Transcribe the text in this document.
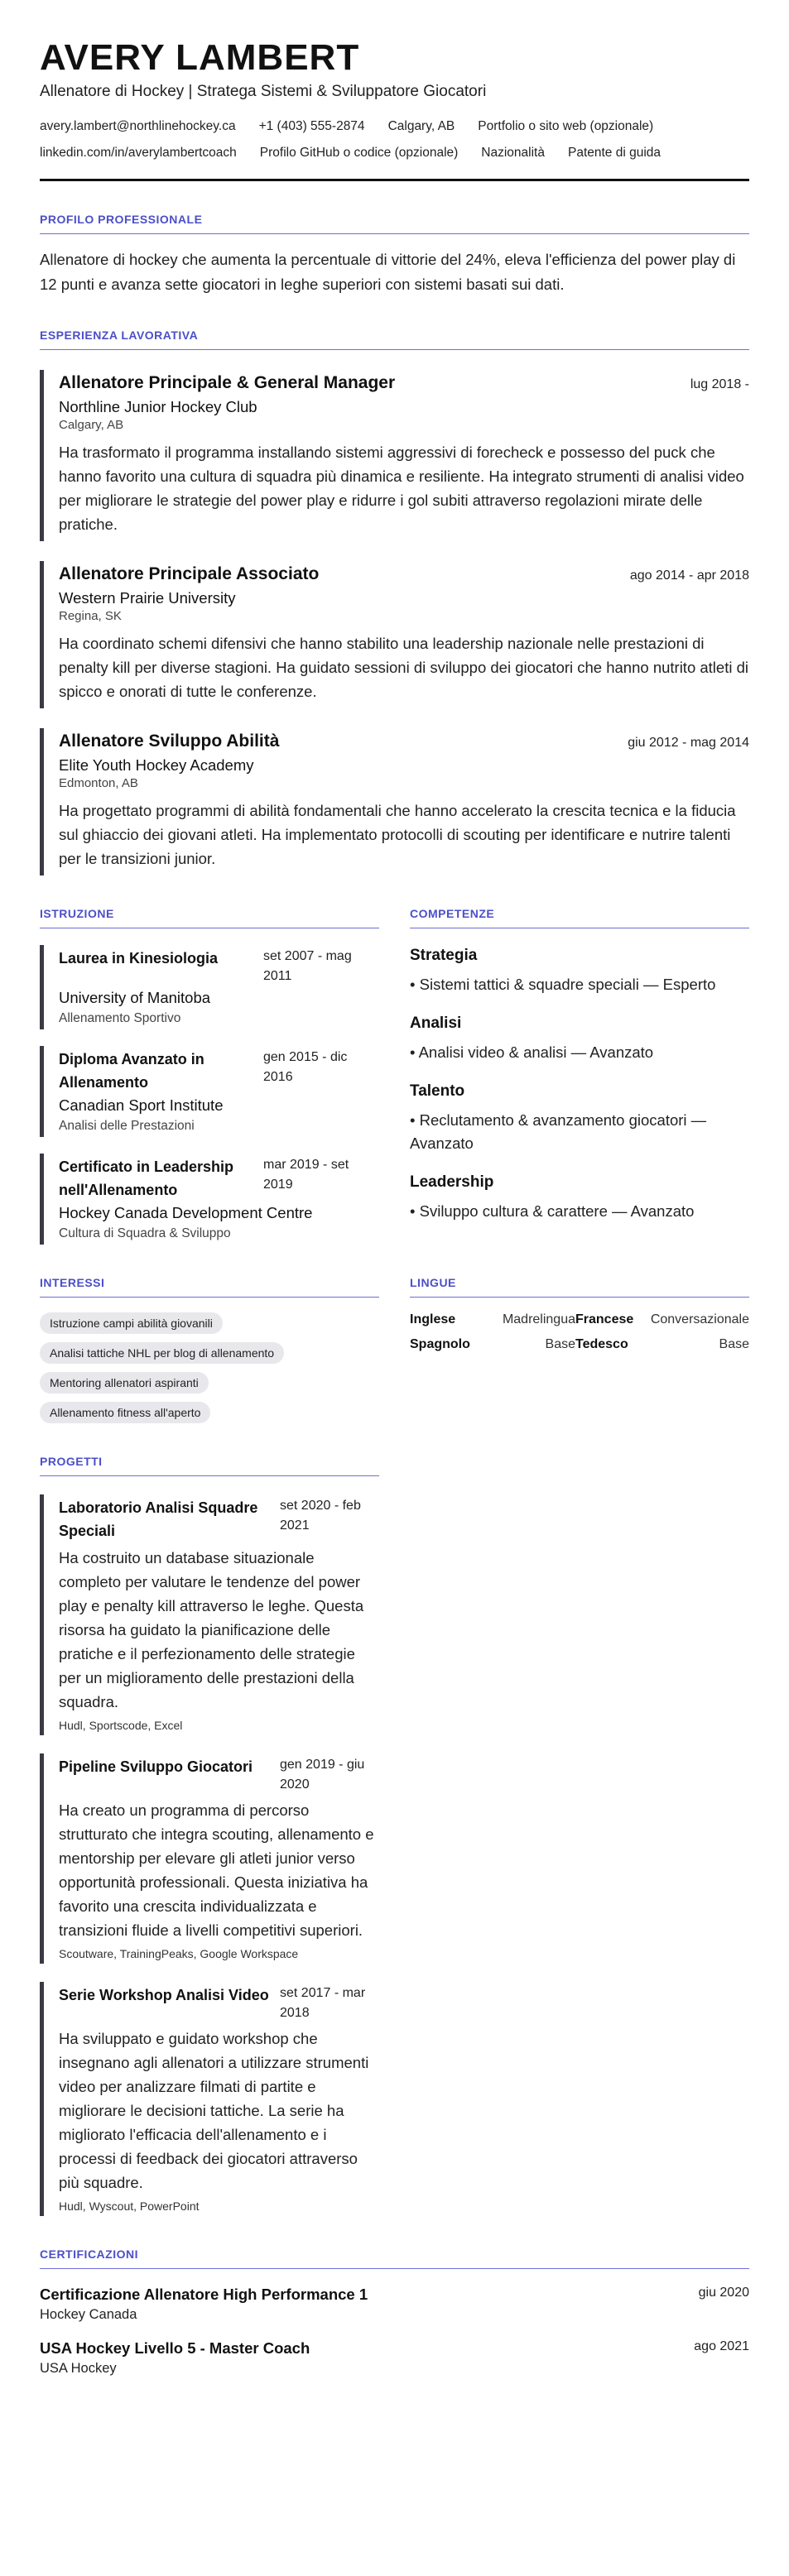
AVERY LAMBERT
Allenatore di Hockey | Stratega Sistemi & Sviluppatore Giocatori
avery.lambert@northlinehockey.ca +1 (403) 555-2874 Calgary, AB Portfolio o sito web (opzionale)
linkedin.com/in/averylambertcoach Profilo GitHub o codice (opzionale) Nazionalità Patente di guida
PROFILO PROFESSIONALE

Allenatore di hockey che aumenta la percentuale di vittorie del 24%, eleva l'efficienza del power play di 12 punti e avanza sette giocatori in leghe superiori con sistemi basati sui dati.

ESPERIENZA LAVORATIVA
Allenatore Principale & General Manager	lug 2018 -
Northline Junior Hockey Club
Calgary, AB
Ha trasformato il programma installando sistemi aggressivi di forecheck e possesso del puck che hanno favorito una cultura di squadra più dinamica e resiliente. Ha integrato strumenti di analisi video per migliorare le strategie del power play e ridurre i gol subiti attraverso regolazioni mirate delle pratiche.
Allenatore Principale Associato	ago 2014 - apr 2018
Western Prairie University
Regina, SK
Ha coordinato schemi difensivi che hanno stabilito una leadership nazionale nelle prestazioni di penalty kill per diverse stagioni. Ha guidato sessioni di sviluppo dei giocatori che hanno nutrito atleti di spicco e onorati di tutte le conferenze.
Allenatore Sviluppo Abilità	giu 2012 - mag 2014
Elite Youth Hockey Academy
Edmonton, AB
Ha progettato programmi di abilità fondamentali che hanno accelerato la crescita tecnica e la fiducia sul ghiaccio dei giovani atleti. Ha implementato protocolli di scouting per identificare e nutrire talenti per le transizioni junior.
ISTRUZIONE
Laurea in Kinesiologia	set 2007 - mag 2011
University of Manitoba
Allenamento Sportivo
Diploma Avanzato in Allenamento
gen 2015 - dic 2016
Canadian Sport Institute
Analisi delle Prestazioni
Certificato in Leadership nell'Allenamento
mar 2019 - set 2019
Hockey Canada Development Centre
Cultura di Squadra & Sviluppo
COMPETENZE
Strategia
• Sistemi tattici & squadre speciali — Esperto
Analisi
• Analisi video & analisi — Avanzato
Talento
• Reclutamento & avanzamento giocatori — Avanzato
Leadership
• Sviluppo cultura & carattere — Avanzato
INTERESSI
Istruzione campi abilità giovanili
Analisi tattiche NHL per blog di allenamento
Mentoring allenatori aspiranti
Allenamento fitness all'aperto
LINGUE
Inglese	Madrelingua Francese Conversazionale
Spagnolo	Base Tedesco	Base
PROGETTI
Laboratorio Analisi Squadre Speciali
set 2020 - feb 2021
Ha costruito un database situazionale completo per valutare le tendenze del power play e penalty kill attraverso le leghe. Questa risorsa ha guidato la pianificazione delle pratiche e il perfezionamento delle strategie per un miglioramento delle prestazioni della squadra.
Hudl, Sportscode, Excel
Pipeline Sviluppo Giocatori	gen 2019 - giu 2020
Ha creato un programma di percorso strutturato che integra scouting, allenamento e mentorship per elevare gli atleti junior verso opportunità professionali. Questa iniziativa ha favorito una crescita individualizzata e transizioni fluide a livelli competitivi superiori.
Scoutware, TrainingPeaks, Google Workspace
Serie Workshop Analisi Video set 2017 - mar 2018
Ha sviluppato e guidato workshop che insegnano agli allenatori a utilizzare strumenti video per analizzare filmati di partite e migliorare le decisioni tattiche. La serie ha migliorato l'efficacia dell'allenamento e i processi di feedback dei giocatori attraverso più squadre.
Hudl, Wyscout, PowerPoint
CERTIFICAZIONI
Certificazione Allenatore High Performance 1
Hockey Canada
giu 2020
USA Hockey Livello 5 - Master Coach
USA Hockey
ago 2021
